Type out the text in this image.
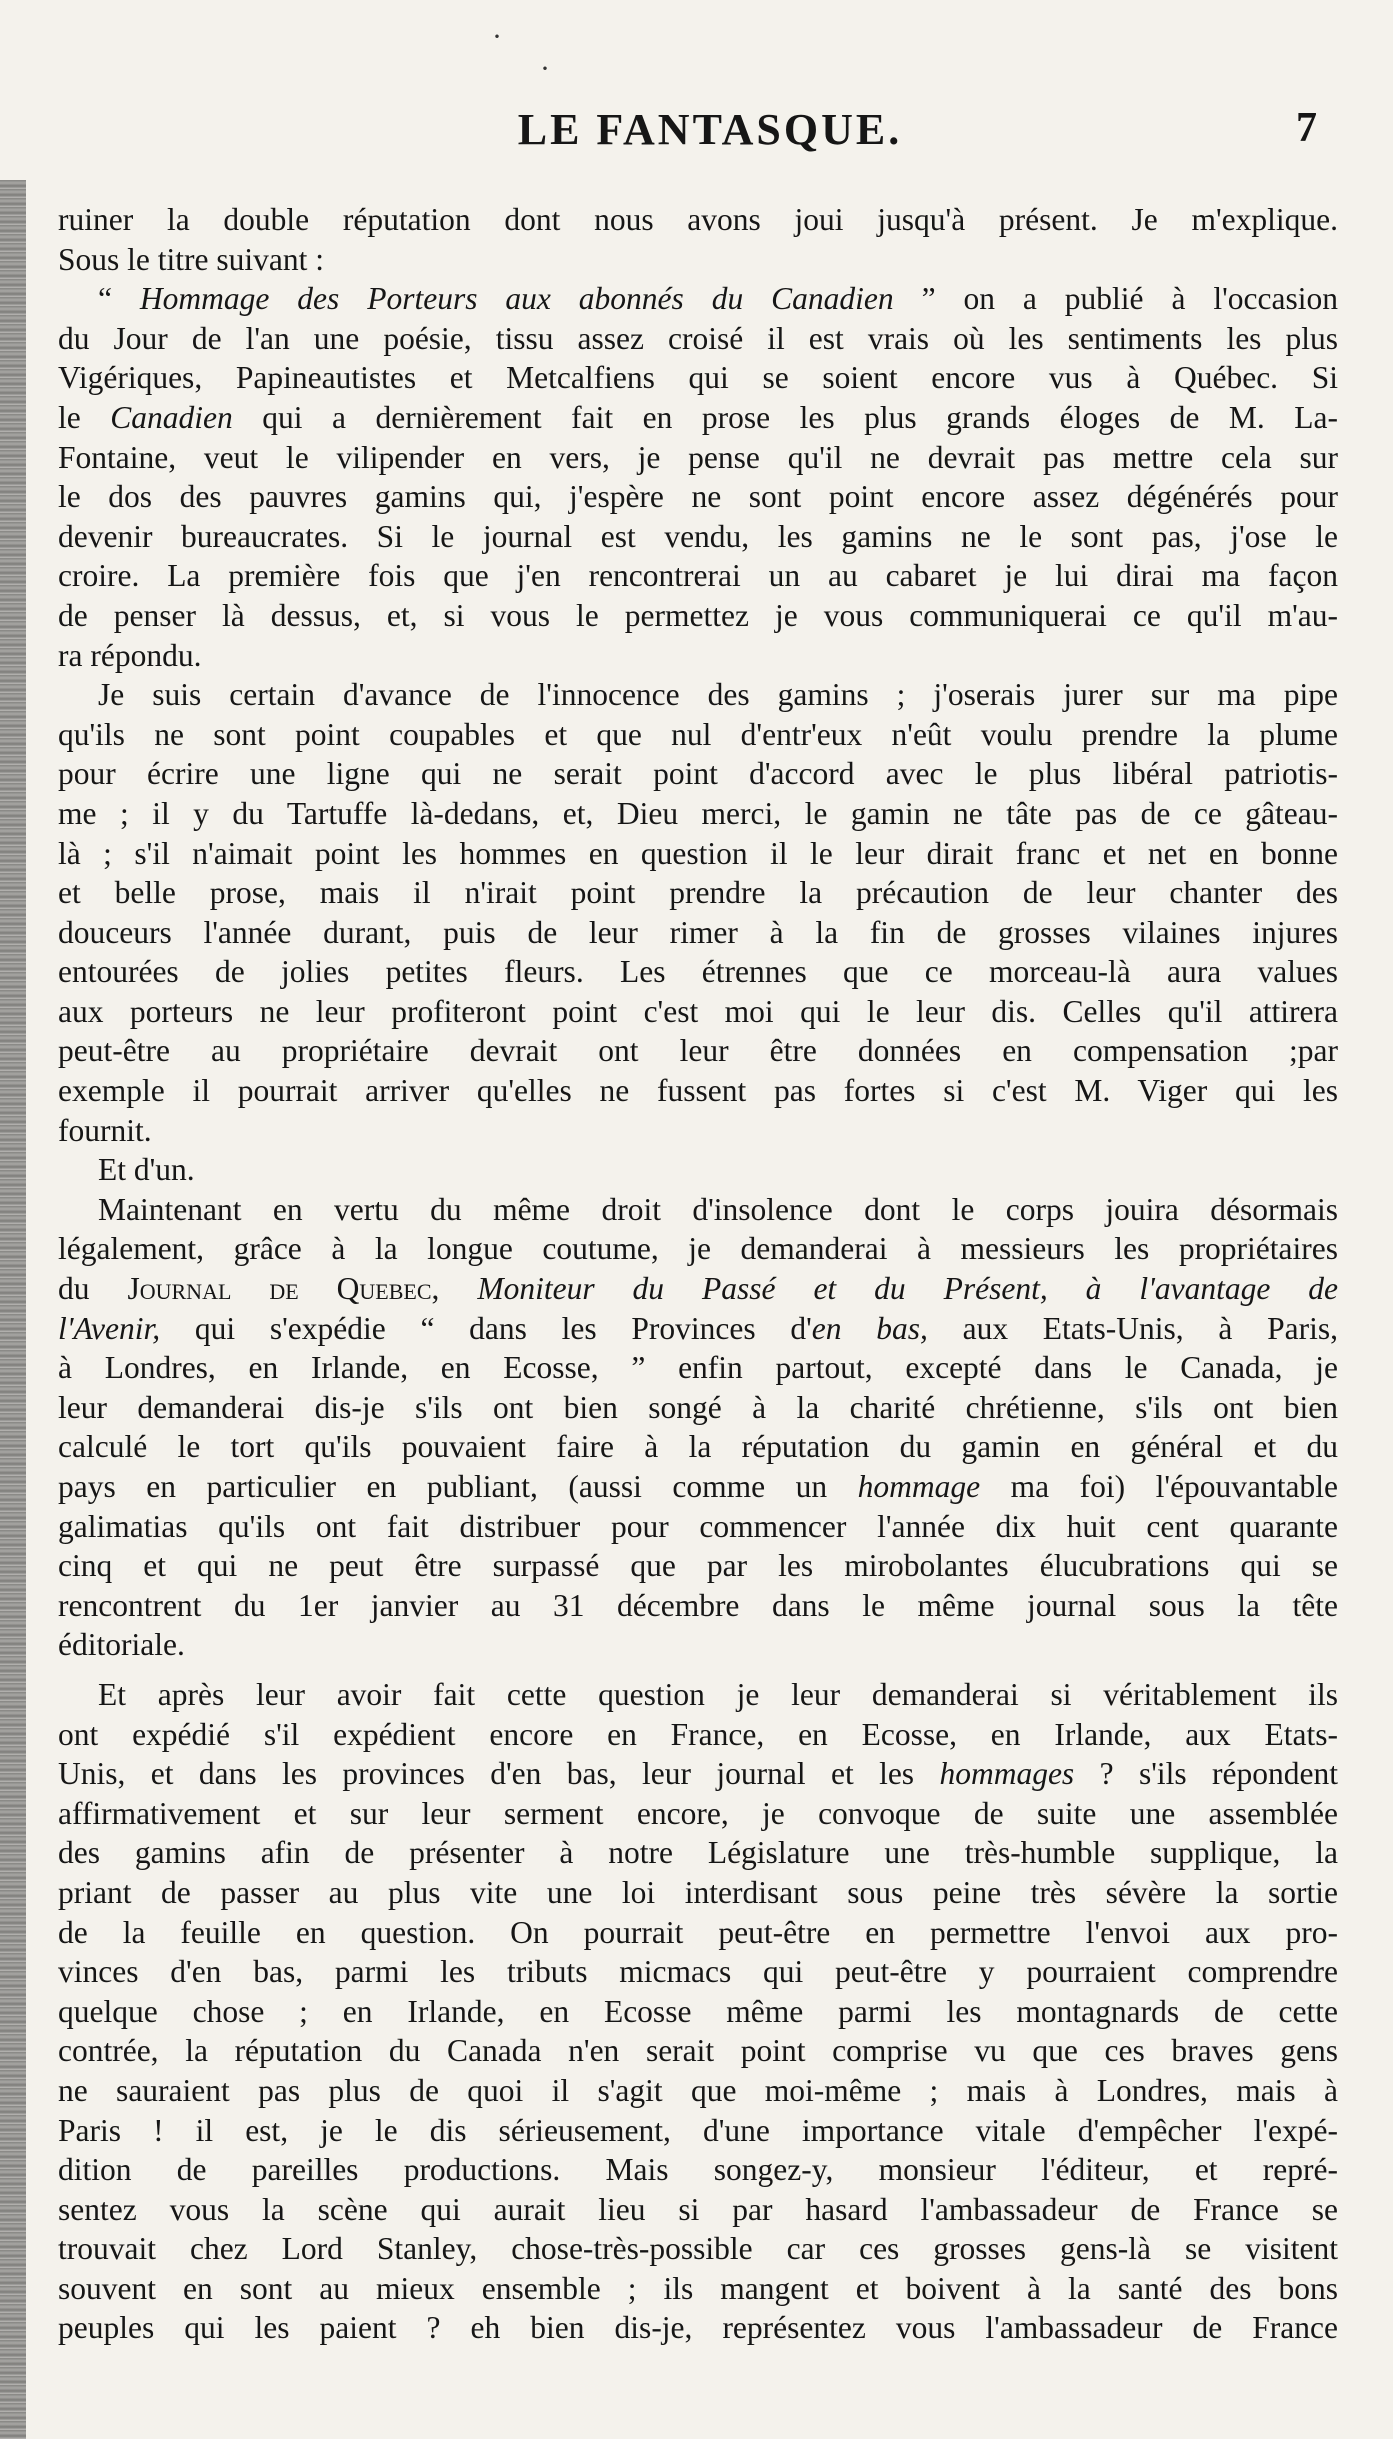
·
·
LE FANTASQUE.	7
ruiner la double réputation dont nous avons joui jusqu'à présent. Je m'explique.
Sous le titre suivant :
“ Hommage des Porteurs aux abonnés du Canadien ” on a publié à l'occasion
du Jour de l'an une poésie, tissu assez croisé il est vrais où les sentiments les plus
Vigériques, Papineautistes et Metcalfiens qui se soient encore vus à Québec. Si
le Canadien qui a dernièrement fait en prose les plus grands éloges de M. La-
Fontaine, veut le vilipender en vers, je pense qu'il ne devrait pas mettre cela sur
le dos des pauvres gamins qui, j'espère ne sont point encore assez dégénérés pour
devenir bureaucrates. Si le journal est vendu, les gamins ne le sont pas, j'ose le
croire. La première fois que j'en rencontrerai un au cabaret je lui dirai ma façon
de penser là dessus, et, si vous le permettez je vous communiquerai ce qu'il m'au-
ra répondu.
Je suis certain d'avance de l'innocence des gamins ; j'oserais jurer sur ma pipe
qu'ils ne sont point coupables et que nul d'entr'eux n'eût voulu prendre la plume
pour écrire une ligne qui ne serait point d'accord avec le plus libéral patriotis-
me ; il y du Tartuffe là-dedans, et, Dieu merci, le gamin ne tâte pas de ce gâteau-
là ; s'il n'aimait point les hommes en question il le leur dirait franc et net en bonne
et belle prose, mais il n'irait point prendre la précaution de leur chanter des
douceurs l'année durant, puis de leur rimer à la fin de grosses vilaines injures
entourées de jolies petites fleurs. Les étrennes que ce morceau-là aura values
aux porteurs ne leur profiteront point c'est moi qui le leur dis. Celles qu'il attirera
peut-être au propriétaire devrait ont leur être données en compensation ;par
exemple il pourrait arriver qu'elles ne fussent pas fortes si c'est M. Viger qui les
fournit.
Et d'un.
Maintenant en vertu du même droit d'insolence dont le corps jouira désormais
légalement, grâce à la longue coutume, je demanderai à messieurs les propriétaires
du Journal de Quebec, Moniteur du Passé et du Présent, à l'avantage de
l'Avenir, qui s'expédie “ dans les Provinces d'en bas, aux Etats-Unis, à Paris,
à Londres, en Irlande, en Ecosse, ” enfin partout, excepté dans le Canada, je
leur demanderai dis-je s'ils ont bien songé à la charité chrétienne, s'ils ont bien
calculé le tort qu'ils pouvaient faire à la réputation du gamin en général et du
pays en particulier en publiant, (aussi comme un hommage ma foi) l'épouvantable
galimatias qu'ils ont fait distribuer pour commencer l'année dix huit cent quarante
cinq et qui ne peut être surpassé que par les mirobolantes élucubrations qui se
rencontrent du 1er janvier au 31 décembre dans le même journal sous la tête
éditoriale.
Et après leur avoir fait cette question je leur demanderai si véritablement ils
ont expédié s'il expédient encore en France, en Ecosse, en Irlande, aux Etats-
Unis, et dans les provinces d'en bas, leur journal et les hommages ? s'ils répondent
affirmativement et sur leur serment encore, je convoque de suite une assemblée
des gamins afin de présenter à notre Législature une très-humble supplique, la
priant de passer au plus vite une loi interdisant sous peine très sévère la sortie
de la feuille en question. On pourrait peut-être en permettre l'envoi aux pro-
vinces d'en bas, parmi les tributs micmacs qui peut-être y pourraient comprendre
quelque chose ; en Irlande, en Ecosse même parmi les montagnards de cette
contrée, la réputation du Canada n'en serait point comprise vu que ces braves gens
ne sauraient pas plus de quoi il s'agit que moi-même ; mais à Londres, mais à
Paris ! il est, je le dis sérieusement, d'une importance vitale d'empêcher l'expé-
dition de pareilles productions. Mais songez-y, monsieur l'éditeur, et repré-
sentez vous la scène qui aurait lieu si par hasard l'ambassadeur de France se
trouvait chez Lord Stanley, chose-très-possible car ces grosses gens-là se visitent
souvent en sont au mieux ensemble ; ils mangent et boivent à la santé des bons
peuples qui les paient ? eh bien dis-je, représentez vous l'ambassadeur de France
